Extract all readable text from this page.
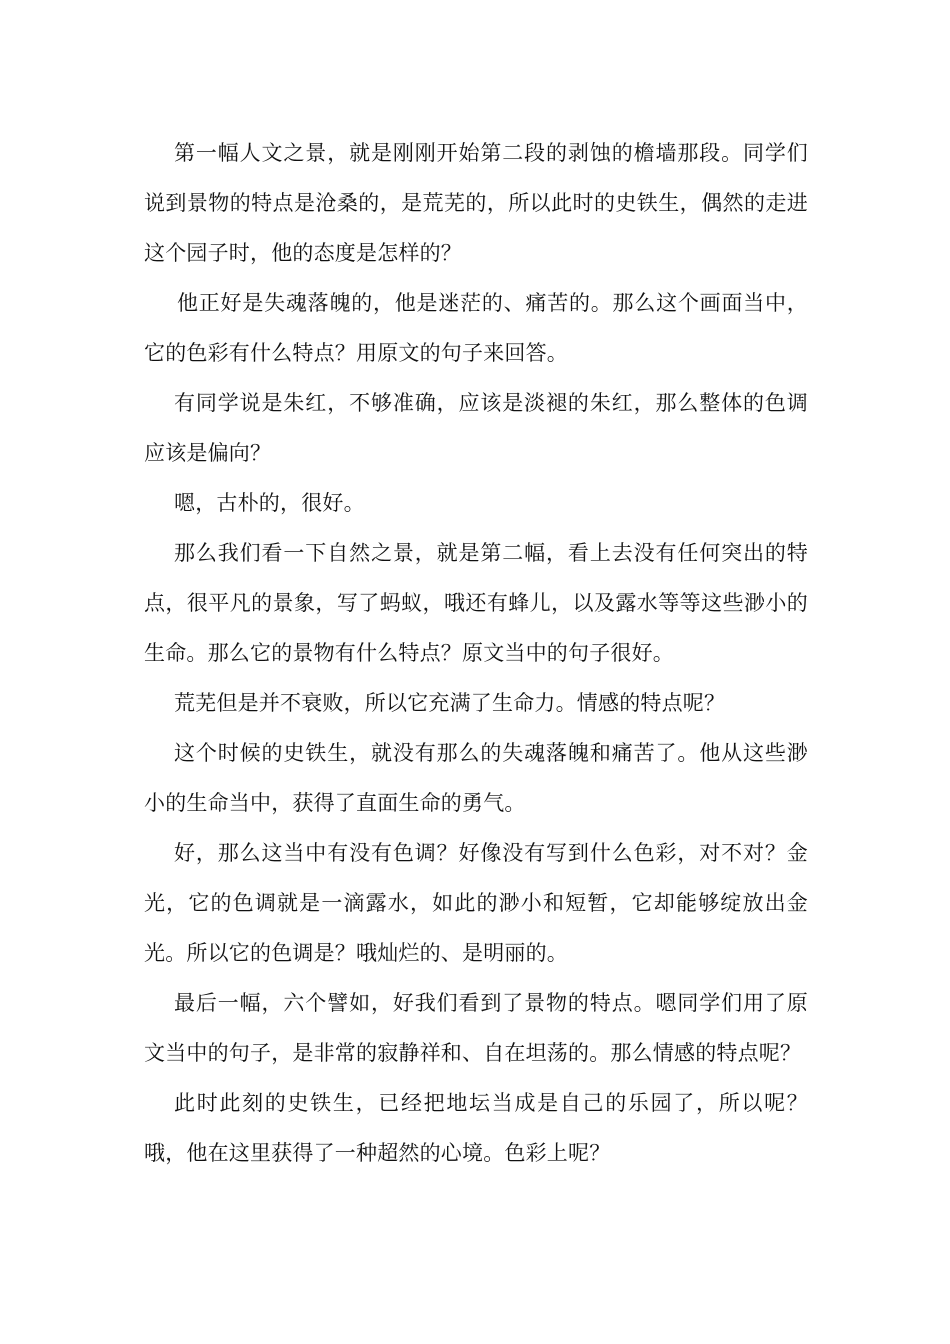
第一幅人文之景，就是刚刚开始第二段的剥蚀的檐墙那段。同学们说到景物的特点是沧桑的，是荒芜的，所以此时的史铁生，偶然的走进这个园子时，他的态度是怎样的？

他正好是失魂落魄的，他是迷茫的、痛苦的。那么这个画面当中，它的色彩有什么特点？用原文的句子来回答。

有同学说是朱红，不够准确，应该是淡褪的朱红，那么整体的色调应该是偏向？

嗯，古朴的，很好。

那么我们看一下自然之景，就是第二幅，看上去没有任何突出的特点，很平凡的景象，写了蚂蚁，哦还有蜂儿，以及露水等等这些渺小的生命。那么它的景物有什么特点？原文当中的句子很好。

荒芜但是并不衰败，所以它充满了生命力。情感的特点呢？

这个时候的史铁生，就没有那么的失魂落魄和痛苦了。他从这些渺小的生命当中，获得了直面生命的勇气。

好，那么这当中有没有色调？好像没有写到什么色彩，对不对？金光，它的色调就是一滴露水，如此的渺小和短暂，它却能够绽放出金光。所以它的色调是？哦灿烂的、是明丽的。

最后一幅，六个譬如，好我们看到了景物的特点。嗯同学们用了原文当中的句子，是非常的寂静祥和、自在坦荡的。那么情感的特点呢？

此时此刻的史铁生，已经把地坛当成是自己的乐园了，所以呢？哦，他在这里获得了一种超然的心境。色彩上呢？
